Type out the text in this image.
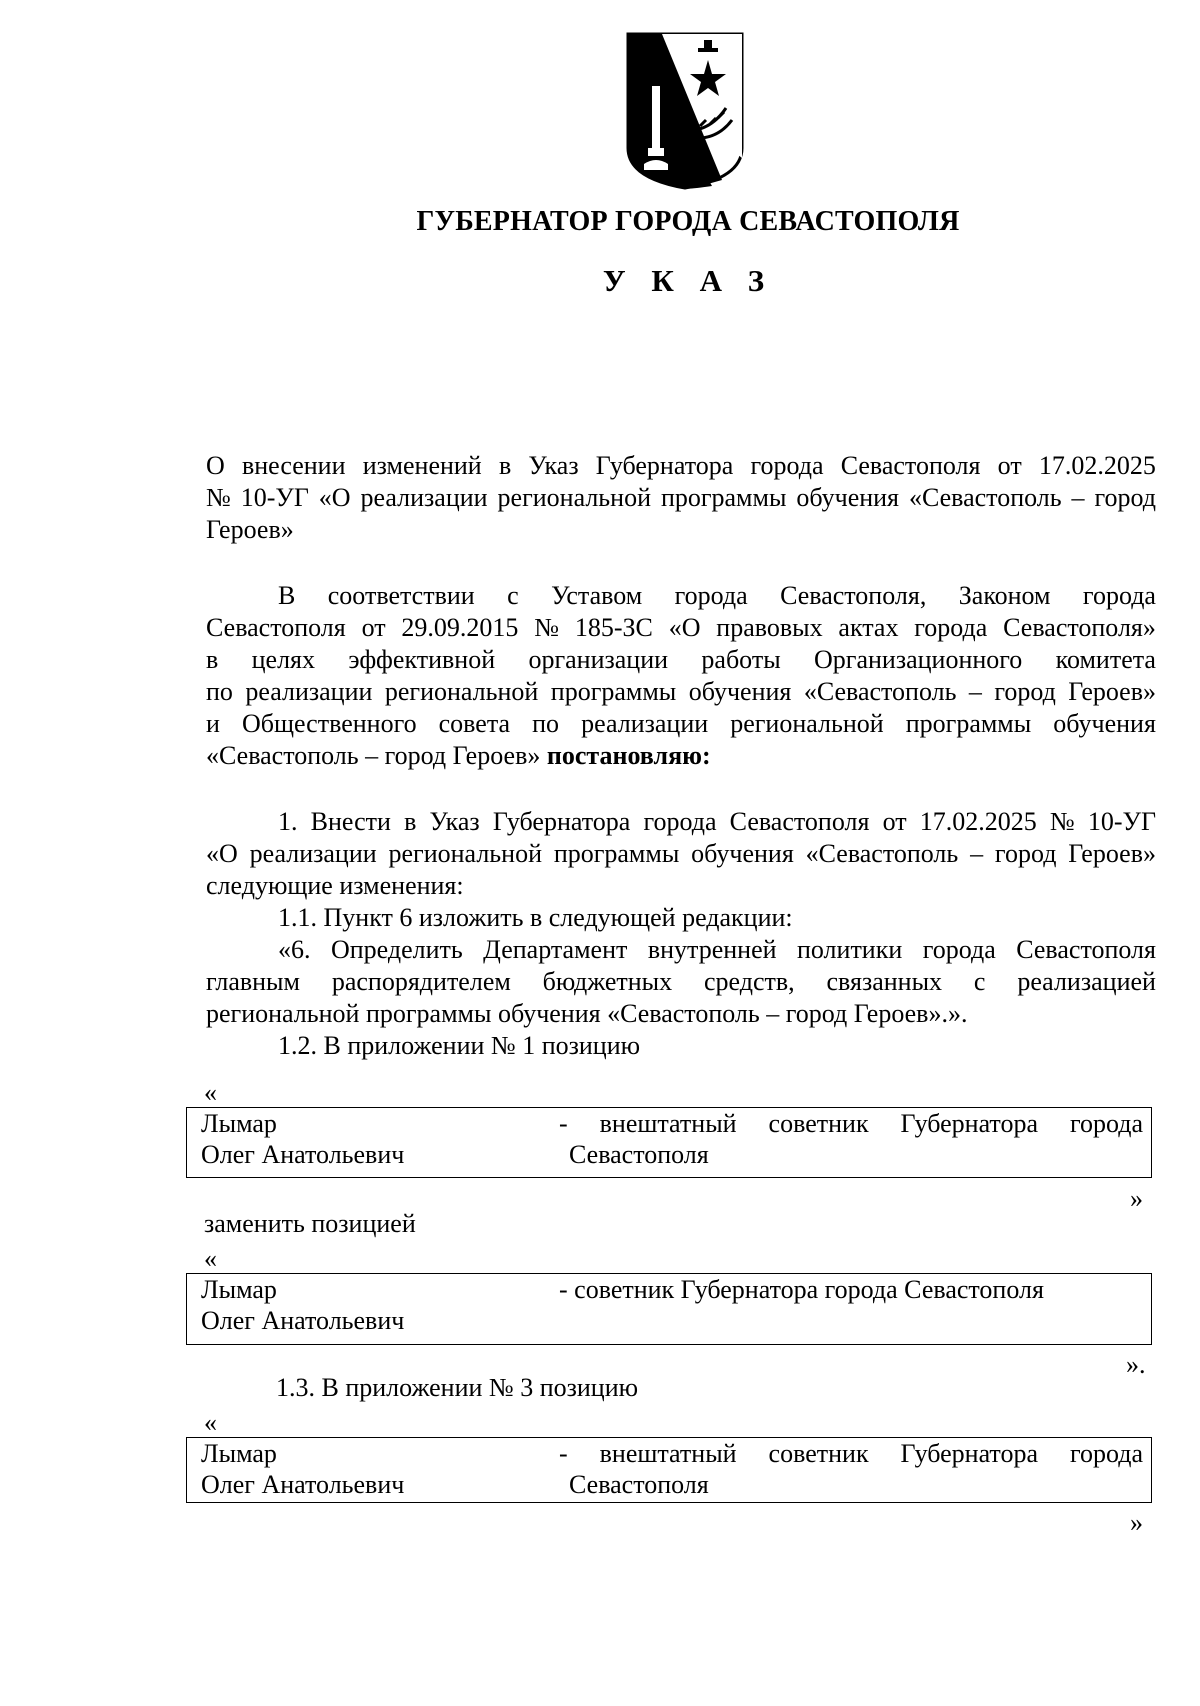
ГУБЕРНАТОР ГОРОДА СЕВАСТОПОЛЯ
У К А З
О внесении изменений в Указ Губернатора города Севастополя от 17.02.2025
№ 10-УГ «О реализации региональной программы обучения «Севастополь – город
Героев»
В соответствии с Уставом города Севастополя, Законом города
Севастополя от 29.09.2015 № 185-ЗС «О правовых актах города Севастополя»
в целях эффективной организации работы Организационного комитета
по реализации региональной программы обучения «Севастополь – город Героев»
и Общественного совета по реализации региональной программы обучения
«Севастополь – город Героев» постановляю:
1. Внести в Указ Губернатора города Севастополя от 17.02.2025 № 10-УГ
«О реализации региональной программы обучения «Севастополь – город Героев»
следующие изменения:
1.1. Пункт 6 изложить в следующей редакции:
«6. Определить Департамент внутренней политики города Севастополя
главным распорядителем бюджетных средств, связанных с реализацией
региональной программы обучения «Севастополь – город Героев».».
1.2. В приложении № 1 позицию
«
Лымар
Олег Анатольевич
- внештатный советник Губернатора города
Севастополя
»
заменить позицией
«
Лымар
Олег Анатольевич
- советник Губернатора города Севастополя
».
1.3. В приложении № 3 позицию
«
Лымар
Олег Анатольевич
- внештатный советник Губернатора города
Севастополя
»
